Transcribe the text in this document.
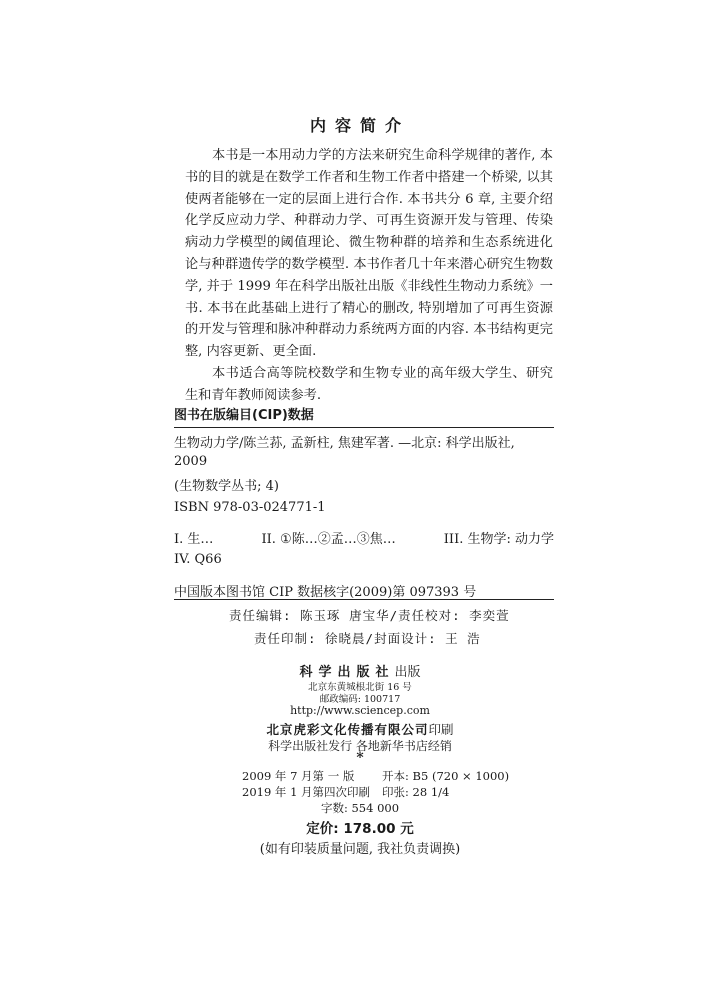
内容简介

本书是一本用动力学的方法来研究生命科学规律的著作, 本书的目的就是在数学工作者和生物工作者中搭建一个桥梁, 以其使两者能够在一定的层面上进行合作. 本书共分 6 章, 主要介绍化学反应动力学、种群动力学、可再生资源开发与管理、传染病动力学模型的阈值理论、微生物种群的培养和生态系统进化论与种群遗传学的数学模型. 本书作者几十年来潜心研究生物数学, 并于 1999 年在科学出版社出版《非线性生物动力系统》一书. 本书在此基础上进行了精心的删改, 特别增加了可再生资源的开发与管理和脉冲种群动力系统两方面的内容. 本书结构更完整, 内容更新、更全面.

本书适合高等院校数学和生物专业的高年级大学生、研究生和青年教师阅读参考.

图书在版编目(CIP)数据
生物动力学/陈兰荪, 孟新柱, 焦建军著. —北京: 科学出版社,
2009
(生物数学丛书; 4)
ISBN 978-03-024771-1
I. 生…	II. ①陈…②孟…③焦…	III. 生物学: 动力学
IV. Q66
中国版本图书馆 CIP 数据核字(2009)第 097393 号
责任编辑: 陈玉琢 唐宝华/责任校对: 李奕萱
责任印制: 徐晓晨/封面设计: 王 浩
科学出版社出版
北京东黄城根北街 16 号
邮政编码: 100717
http://www.sciencep.com
北京虎彩文化传播有限公司印刷
科学出版社发行 各地新华书店经销
*
2009 年 7 月第 一 版 开本: B5 (720 × 1000)
2019 年 1 月第四次印刷 印张: 28 1/4
字数: 554 000
定价: 178.00 元
(如有印装质量问题, 我社负责调换)
